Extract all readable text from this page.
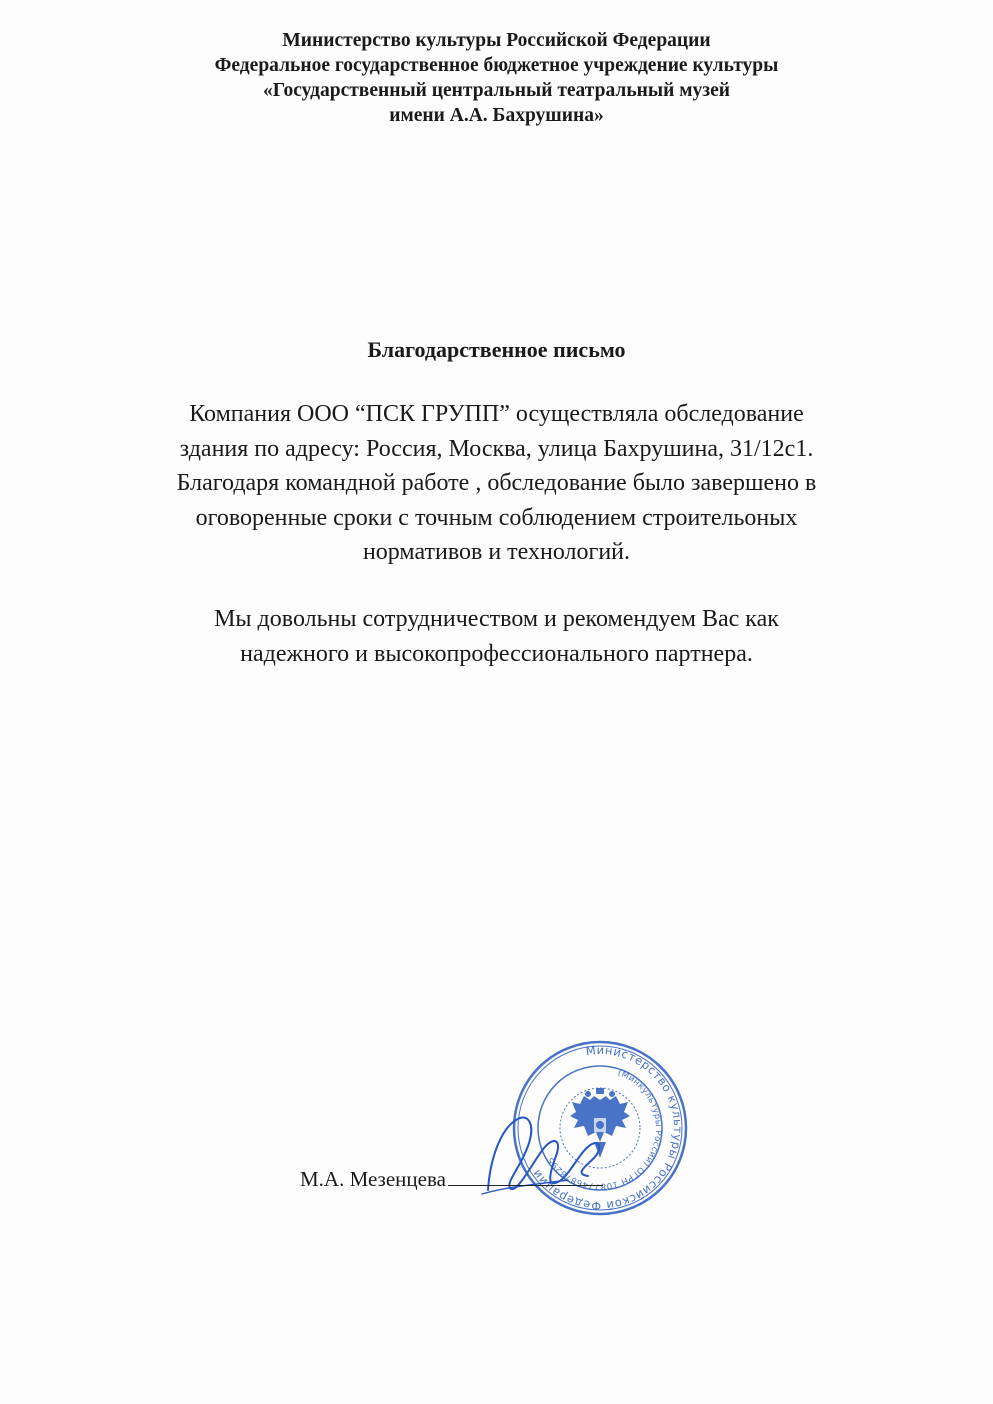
Министерство культуры Российской Федерации
Федеральное государственное бюджетное учреждение культуры
«Государственный центральный театральный музей
имени А.А. Бахрушина»
Благодарственное письмо
Компания ООО “ПСК ГРУПП” осуществляла обследование
здания по адресу: Россия, Москва, улица Бахрушина, 31/12с1.
Благодаря командной работе , обследование было завершено в
оговоренные сроки с точным соблюдением строительоных
нормативов и технологий.
Мы довольны сотрудничеством и рекомендуем Вас как
надежного и высокопрофессионального партнера.
Министерство культуры Российской Федерации
(Минкультуры России)
ОГРН 1087746878295
М.А. Мезенцева
